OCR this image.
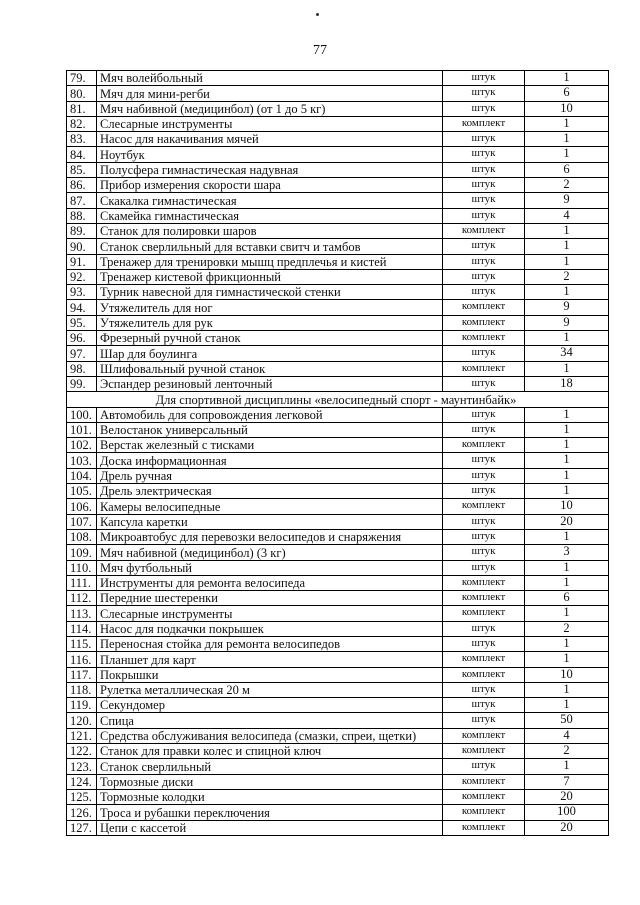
77
79.	Мяч волейбольный	штук	1
80.	Мяч для мини-регби	штук	6
81.	Мяч набивной (медицинбол) (от 1 до 5 кг)	штук	10
82.	Слесарные инструменты	комплект	1
83.	Насос для накачивания мячей	штук	1
84.	Ноутбук	штук	1
85.	Полусфера гимнастическая надувная	штук	6
86.	Прибор измерения скорости шара	штук	2
87.	Скакалка гимнастическая	штук	9
88.	Скамейка гимнастическая	штук	4
89.	Станок для полировки шаров	комплект	1
90.	Станок сверлильный для вставки свитч и тамбов	штук	1
91.	Тренажер для тренировки мышц предплечья и кистей	штук	1
92.	Тренажер кистевой фрикционный	штук	2
93.	Турник навесной для гимнастической стенки	штук	1
94.	Утяжелитель для ног	комплект	9
95.	Утяжелитель для рук	комплект	9
96.	Фрезерный ручной станок	комплект	1
97.	Шар для боулинга	штук	34
98.	Шлифовальный ручной станок	комплект	1
99.	Эспандер резиновый ленточный	штук	18
Для спортивной дисциплины «велосипедный спорт - маунтинбайк»			
100.	Автомобиль для сопровождения легковой	штук	1
101.	Велостанок универсальный	штук	1
102.	Верстак железный с тисками	комплект	1
103.	Доска информационная	штук	1
104.	Дрель ручная	штук	1
105.	Дрель электрическая	штук	1
106.	Камеры велосипедные	комплект	10
107.	Капсула каретки	штук	20
108.	Микроавтобус для перевозки велосипедов и снаряжения	штук	1
109.	Мяч набивной (медицинбол) (3 кг)	штук	3
110.	Мяч футбольный	штук	1
111.	Инструменты для ремонта велосипеда	комплект	1
112.	Передние шестеренки	комплект	6
113.	Слесарные инструменты	комплект	1
114.	Насос для подкачки покрышек	штук	2
115.	Переносная стойка для ремонта велосипедов	штук	1
116.	Планшет для карт	комплект	1
117.	Покрышки	комплект	10
118.	Рулетка металлическая 20 м	штук	1
119.	Секундомер	штук	1
120.	Спица	штук	50
121.	Средства обслуживания велосипеда (смазки, спреи, щетки)	комплект	4
122.	Станок для правки колес и спицной ключ	комплект	2
123.	Станок сверлильный	штук	1
124.	Тормозные диски	комплект	7
125.	Тормозные колодки	комплект	20
126.	Троса и рубашки переключения	комплект	100
127.	Цепи с кассетой	комплект	20
